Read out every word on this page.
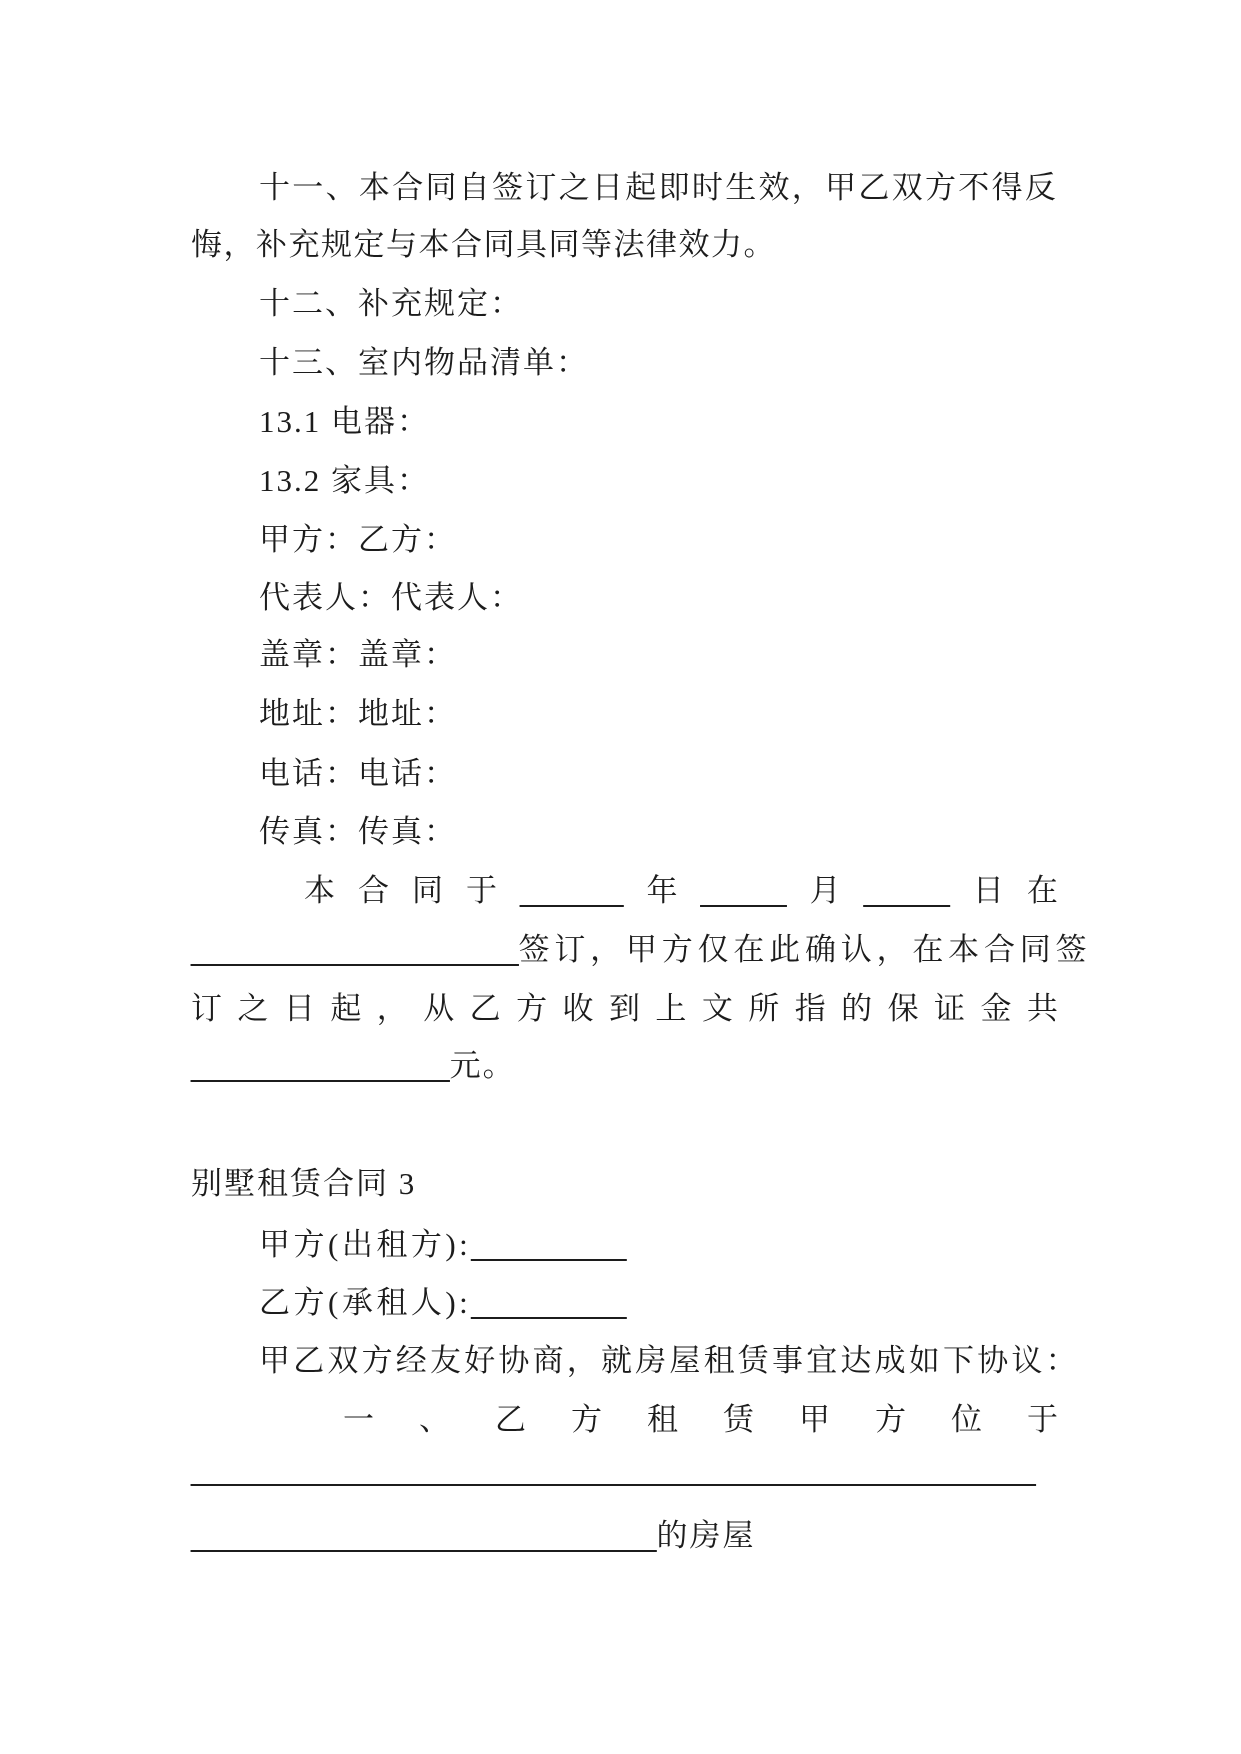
十一、本合同自签订之日起即时生效，甲乙双方不得反
悔，补充规定与本合同具同等法律效力。
十二、补充规定：
十三、室内物品清单：
13.1 电器：
13.2 家具：
甲方：乙方：
代表人：代表人：
盖章：盖章：
地址：地址：
电话：电话：
传真：传真：
本 合 同 于 ______ 年 _____ 月 _____ 日 在
___________________签订，甲方仅在此确认，在本合同签
订 之 日 起 ， 从 乙 方 收 到 上 文 所 指 的 保 证 金 共
_______________元。
别墅租赁合同 3
甲方(出租方):_________
乙方(承租人):_________
甲乙双方经友好协商，就房屋租赁事宜达成如下协议：
一 、 乙 方 租 赁 甲 方 位 于
_________________________________________________
___________________________的房屋
